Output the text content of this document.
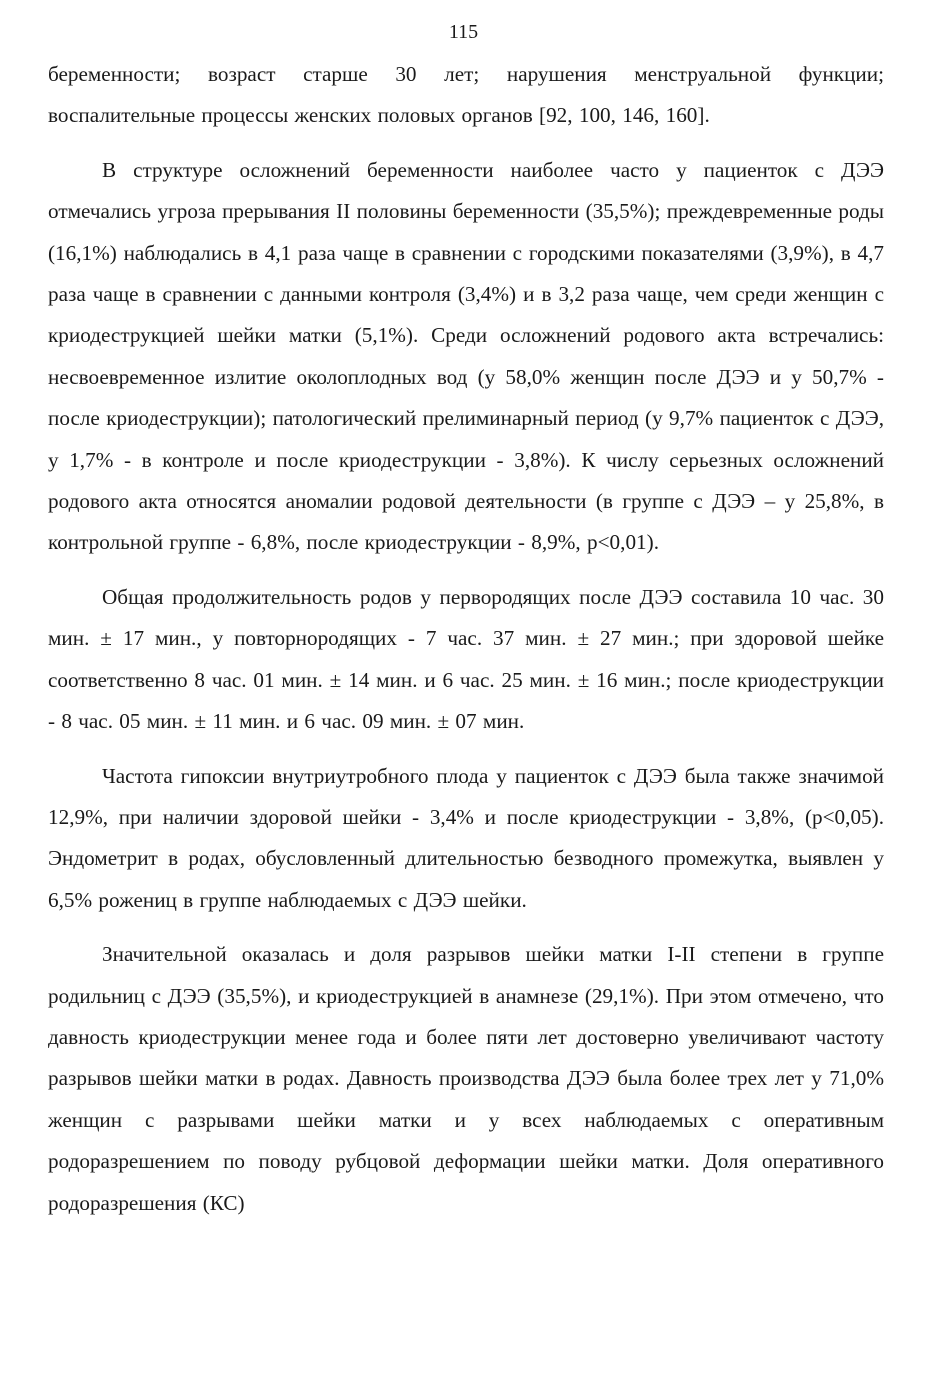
115

беременности; возраст старше 30 лет; нарушения менструальной функции; воспалительные процессы женских половых органов [92, 100, 146, 160].

В структуре осложнений беременности наиболее часто у пациенток с ДЭЭ отмечались угроза прерывания II половины беременности (35,5%); преждевременные роды (16,1%) наблюдались в 4,1 раза чаще в сравнении с городскими показателями (3,9%), в 4,7 раза чаще в сравнении с данными контроля (3,4%) и в 3,2 раза чаще, чем среди женщин с криодеструкцией шейки матки (5,1%). Среди осложнений родового акта встречались: несвоевременное излитие околоплодных вод (у 58,0% женщин после ДЭЭ и у 50,7% - после криодеструкции); патологический прелиминарный период (у 9,7% пациенток с ДЭЭ, у 1,7% - в контроле и после криодеструкции - 3,8%). К числу серьезных осложнений родового акта относятся аномалии родовой деятельности (в группе с ДЭЭ – у 25,8%, в контрольной группе - 6,8%, после криодеструкции - 8,9%, р<0,01).

Общая продолжительность родов у первородящих после ДЭЭ составила 10 час. 30 мин. ± 17 мин., у повторнородящих - 7 час. 37 мин. ± 27 мин.; при здоровой шейке соответственно 8 час. 01 мин. ± 14 мин. и 6 час. 25 мин. ± 16 мин.; после криодеструкции - 8 час. 05 мин. ± 11 мин. и 6 час. 09 мин. ± 07 мин.

Частота гипоксии внутриутробного плода у пациенток с ДЭЭ была также значимой 12,9%, при наличии здоровой шейки - 3,4% и после криодеструкции - 3,8%, (р<0,05). Эндометрит в родах, обусловленный длительностью безводного промежутка, выявлен у 6,5% рожениц в группе наблюдаемых с ДЭЭ шейки.

Значительной оказалась и доля разрывов шейки матки I-II степени в группе родильниц с ДЭЭ (35,5%), и криодеструкцией в анамнезе (29,1%). При этом отмечено, что давность криодеструкции менее года и более пяти лет достоверно увеличивают частоту разрывов шейки матки в родах. Давность производства ДЭЭ была более трех лет у 71,0% женщин с разрывами шейки матки и у всех наблюдаемых с оперативным родоразрешением по поводу рубцовой деформации шейки матки. Доля оперативного родоразрешения (КС)
